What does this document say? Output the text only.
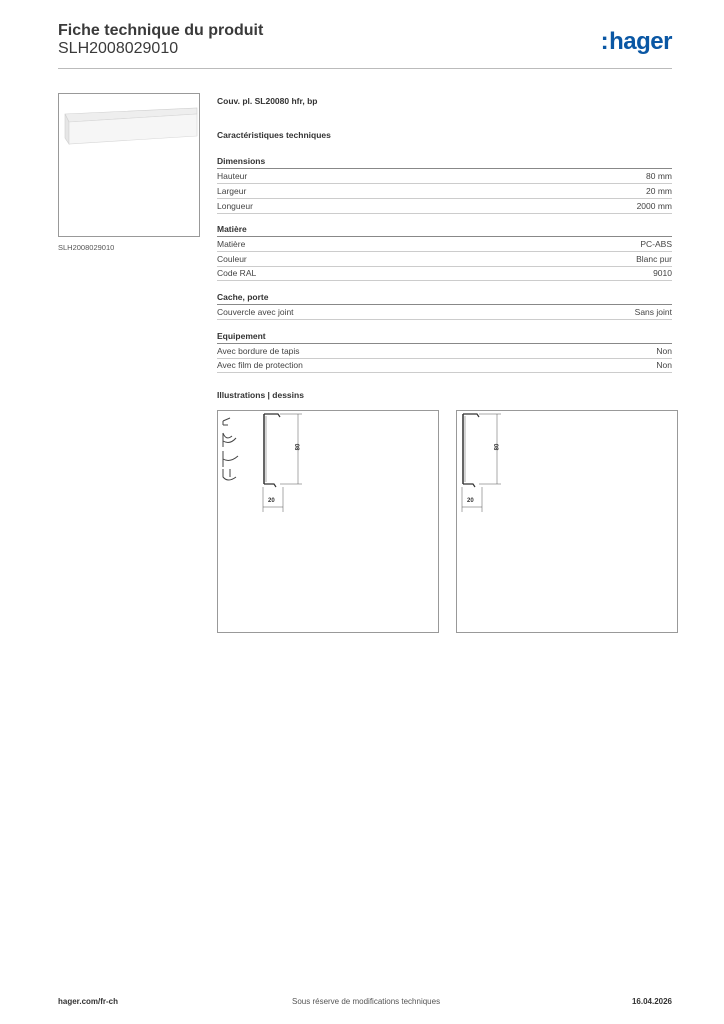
Fiche technique du produit
SLH2008029010	:hager
SLH2008029010
Couv. pl. SL20080 hfr, bp
Caractéristiques techniques
Dimensions
Hauteur	80 mm
Largeur	20 mm
Longueur	2000 mm
Matière
Matière	PC-ABS
Couleur	Blanc pur
Code RAL	9010
Cache, porte
Couvercle avec joint	Sans joint
Equipement
Avec bordure de tapis	Non
Avec film de protection	Non
Illustrations | dessins
80
20
80
20
hager.com/fr-ch	Sous réserve de modifications techniques	16.04.2026
